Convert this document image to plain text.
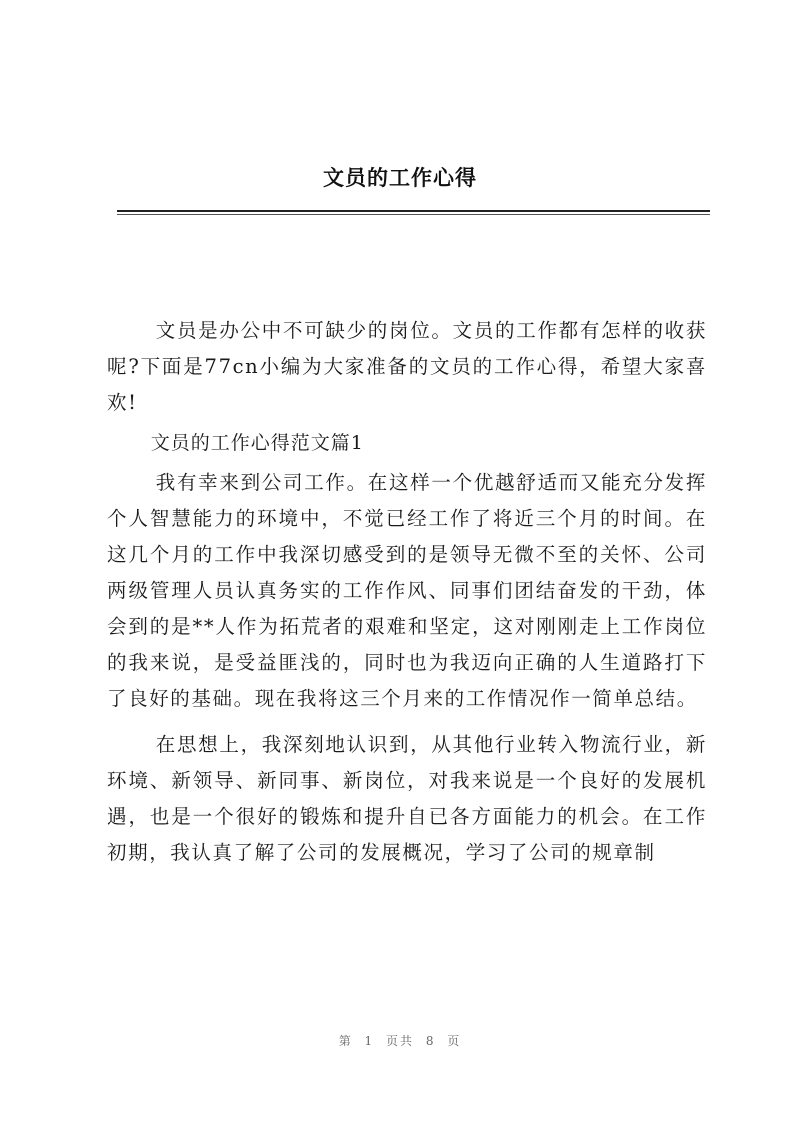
文员的工作心得

文员是办公中不可缺少的岗位。文员的工作都有怎样的收获呢?下面是77cn小编为大家准备的文员的工作心得，希望大家喜欢!

文员的工作心得范文篇1

我有幸来到公司工作。在这样一个优越舒适而又能充分发挥个人智慧能力的环境中，不觉已经工作了将近三个月的时间。在这几个月的工作中我深切感受到的是领导无微不至的关怀、公司两级管理人员认真务实的工作作风、同事们团结奋发的干劲，体会到的是**人作为拓荒者的艰难和坚定，这对刚刚走上工作岗位的我来说，是受益匪浅的，同时也为我迈向正确的人生道路打下了良好的基础。现在我将这三个月来的工作情况作一简单总结。

在思想上，我深刻地认识到，从其他行业转入物流行业，新环境、新领导、新同事、新岗位，对我来说是一个良好的发展机遇，也是一个很好的锻炼和提升自已各方面能力的机会。在工作初期，我认真了解了公司的发展概况，学习了公司的规章制

第 1 页共 8 页
